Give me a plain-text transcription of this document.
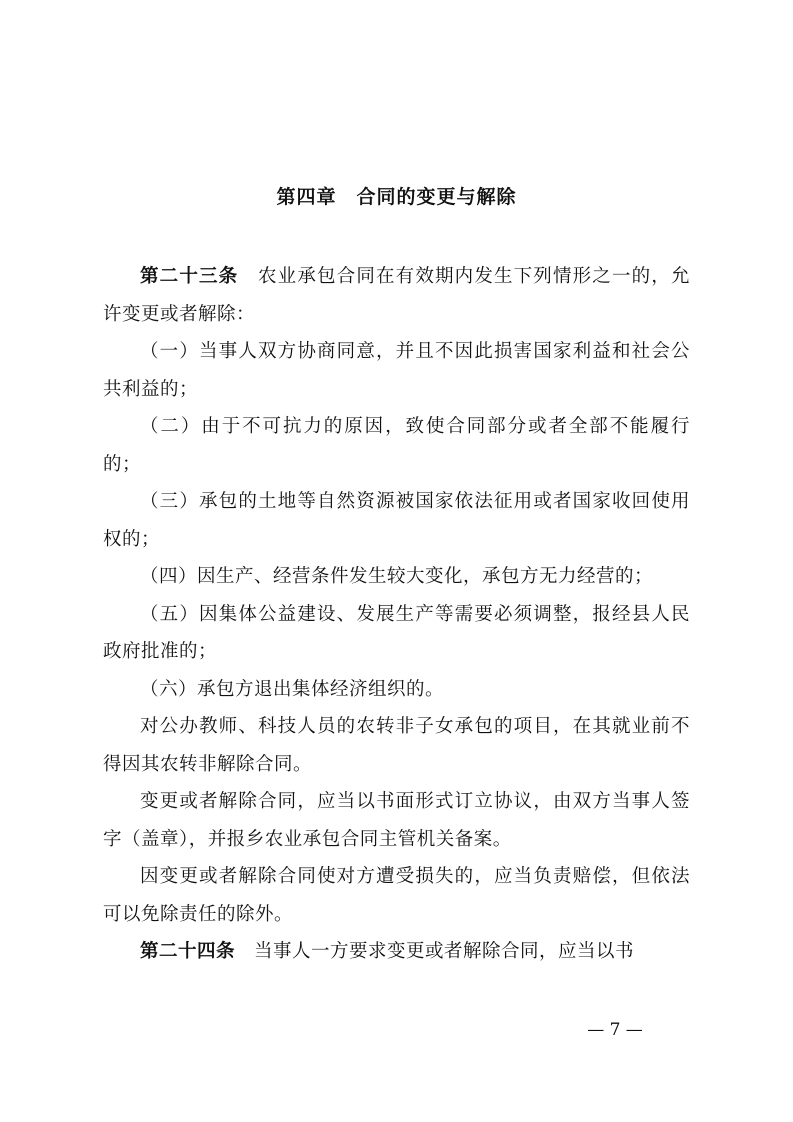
第四章　合同的变更与解除

第二十三条　农业承包合同在有效期内发生下列情形之一的，允许变更或者解除：

（一）当事人双方协商同意，并且不因此损害国家利益和社会公共利益的；

（二）由于不可抗力的原因，致使合同部分或者全部不能履行的；

（三）承包的土地等自然资源被国家依法征用或者国家收回使用权的；

（四）因生产、经营条件发生较大变化，承包方无力经营的；

（五）因集体公益建设、发展生产等需要必须调整，报经县人民政府批准的；

（六）承包方退出集体经济组织的。

对公办教师、科技人员的农转非子女承包的项目，在其就业前不得因其农转非解除合同。

变更或者解除合同，应当以书面形式订立协议，由双方当事人签字（盖章），并报乡农业承包合同主管机关备案。

因变更或者解除合同使对方遭受损失的，应当负责赔偿，但依法可以免除责任的除外。

第二十四条　当事人一方要求变更或者解除合同，应当以书

— 7 —
